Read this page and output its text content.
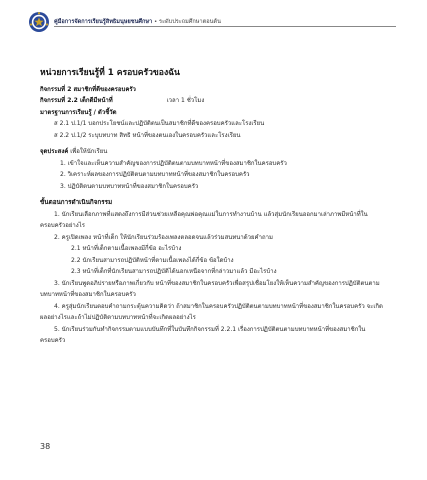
คู่มือการจัดการเรียนรู้สิทธิมนุษยชนศึกษา • ระดับประถมศึกษาตอนต้น
หน่วยการเรียนรู้ที่ 1 ครอบครัวของฉัน
กิจกรรมที่ 2 สมาชิกที่ดีของครอบครัว
กิจกรรมที่ 2.2 เด็กดีมีหน้าที่	เวลา 1 ชั่วโมง
มาตรฐานการเรียนรู้ / ตัวชี้วัด
ส 2.1 ป.1/1 บอกประโยชน์และปฏิบัติตนเป็นสมาชิกที่ดีของครอบครัวและโรงเรียน
ส 2.2 ป.1/2 ระบุบทบาท สิทธิ หน้าที่ของตนเองในครอบครัวและโรงเรียน
จุดประสงค์ เพื่อให้นักเรียน
1. เข้าใจและเห็นความสำคัญของการปฏิบัติตนตามบทบาทหน้าที่ของสมาชิกในครอบครัว
2. วิเคราะห์ผลของการปฏิบัติตนตามบทบาทหน้าที่ของสมาชิกในครอบครัว
3. ปฏิบัติตนตามบทบาทหน้าที่ของสมาชิกในครอบครัว
ขั้นตอนการดำเนินกิจกรรม
1. นักเรียนเลือกภาพที่แสดงถึงการมีส่วนช่วยเหลือคุณพ่อคุณแม่ในการทำงานบ้าน แล้วสุ่มนักเรียนออกมาเล่าภาพมีหน้าที่ในครอบครัวอย่างไร
2. ครูเปิดเพลง หน้าที่เด็ก ให้นักเรียนร่วมร้องเพลงตลอดจนแล้วร่วมสนทนาด้วยคำถาม
2.1 หน้าที่เด็กตามเนื้อเพลงมีกี่ข้อ อะไรบ้าง
2.2 นักเรียนสามารถปฏิบัติหน้าที่ตามเนื้อเพลงได้กี่ข้อ ข้อใดบ้าง
2.3 หน้าที่เด็กที่นักเรียนสามารถปฏิบัติได้นอกเหนือจากที่กล่าวมาแล้ว มีอะไรบ้าง
3. นักเรียนพูดอภิปรายหรือภาพเกี่ยวกับ หน้าที่ของสมาชิกในครอบครัวเพื่อสรุปเชื่อมโยงให้เห็นความสำคัญของการปฏิบัติตนตามบทบาทหน้าที่ของสมาชิกในครอบครัว
4. ครูสุ่มนักเรียนตอบคำถามกระตุ้นความคิดว่า ถ้าสมาชิกในครอบครัวปฏิบัติตนตามบทบาทหน้าที่ของสมาชิกในครอบครัว จะเกิดผลอย่างไรและถ้าไม่ปฏิบัติตามบทบาทหน้าที่จะเกิดผลอย่างไร
5. นักเรียนร่วมกันทำกิจกรรมตามแบบบันทึกที่ในบันทึกกิจกรรมที่ 2.2.1 เรื่องการปฏิบัติตนตามบทบาทหน้าที่ของสมาชิกในครอบครัว
38
